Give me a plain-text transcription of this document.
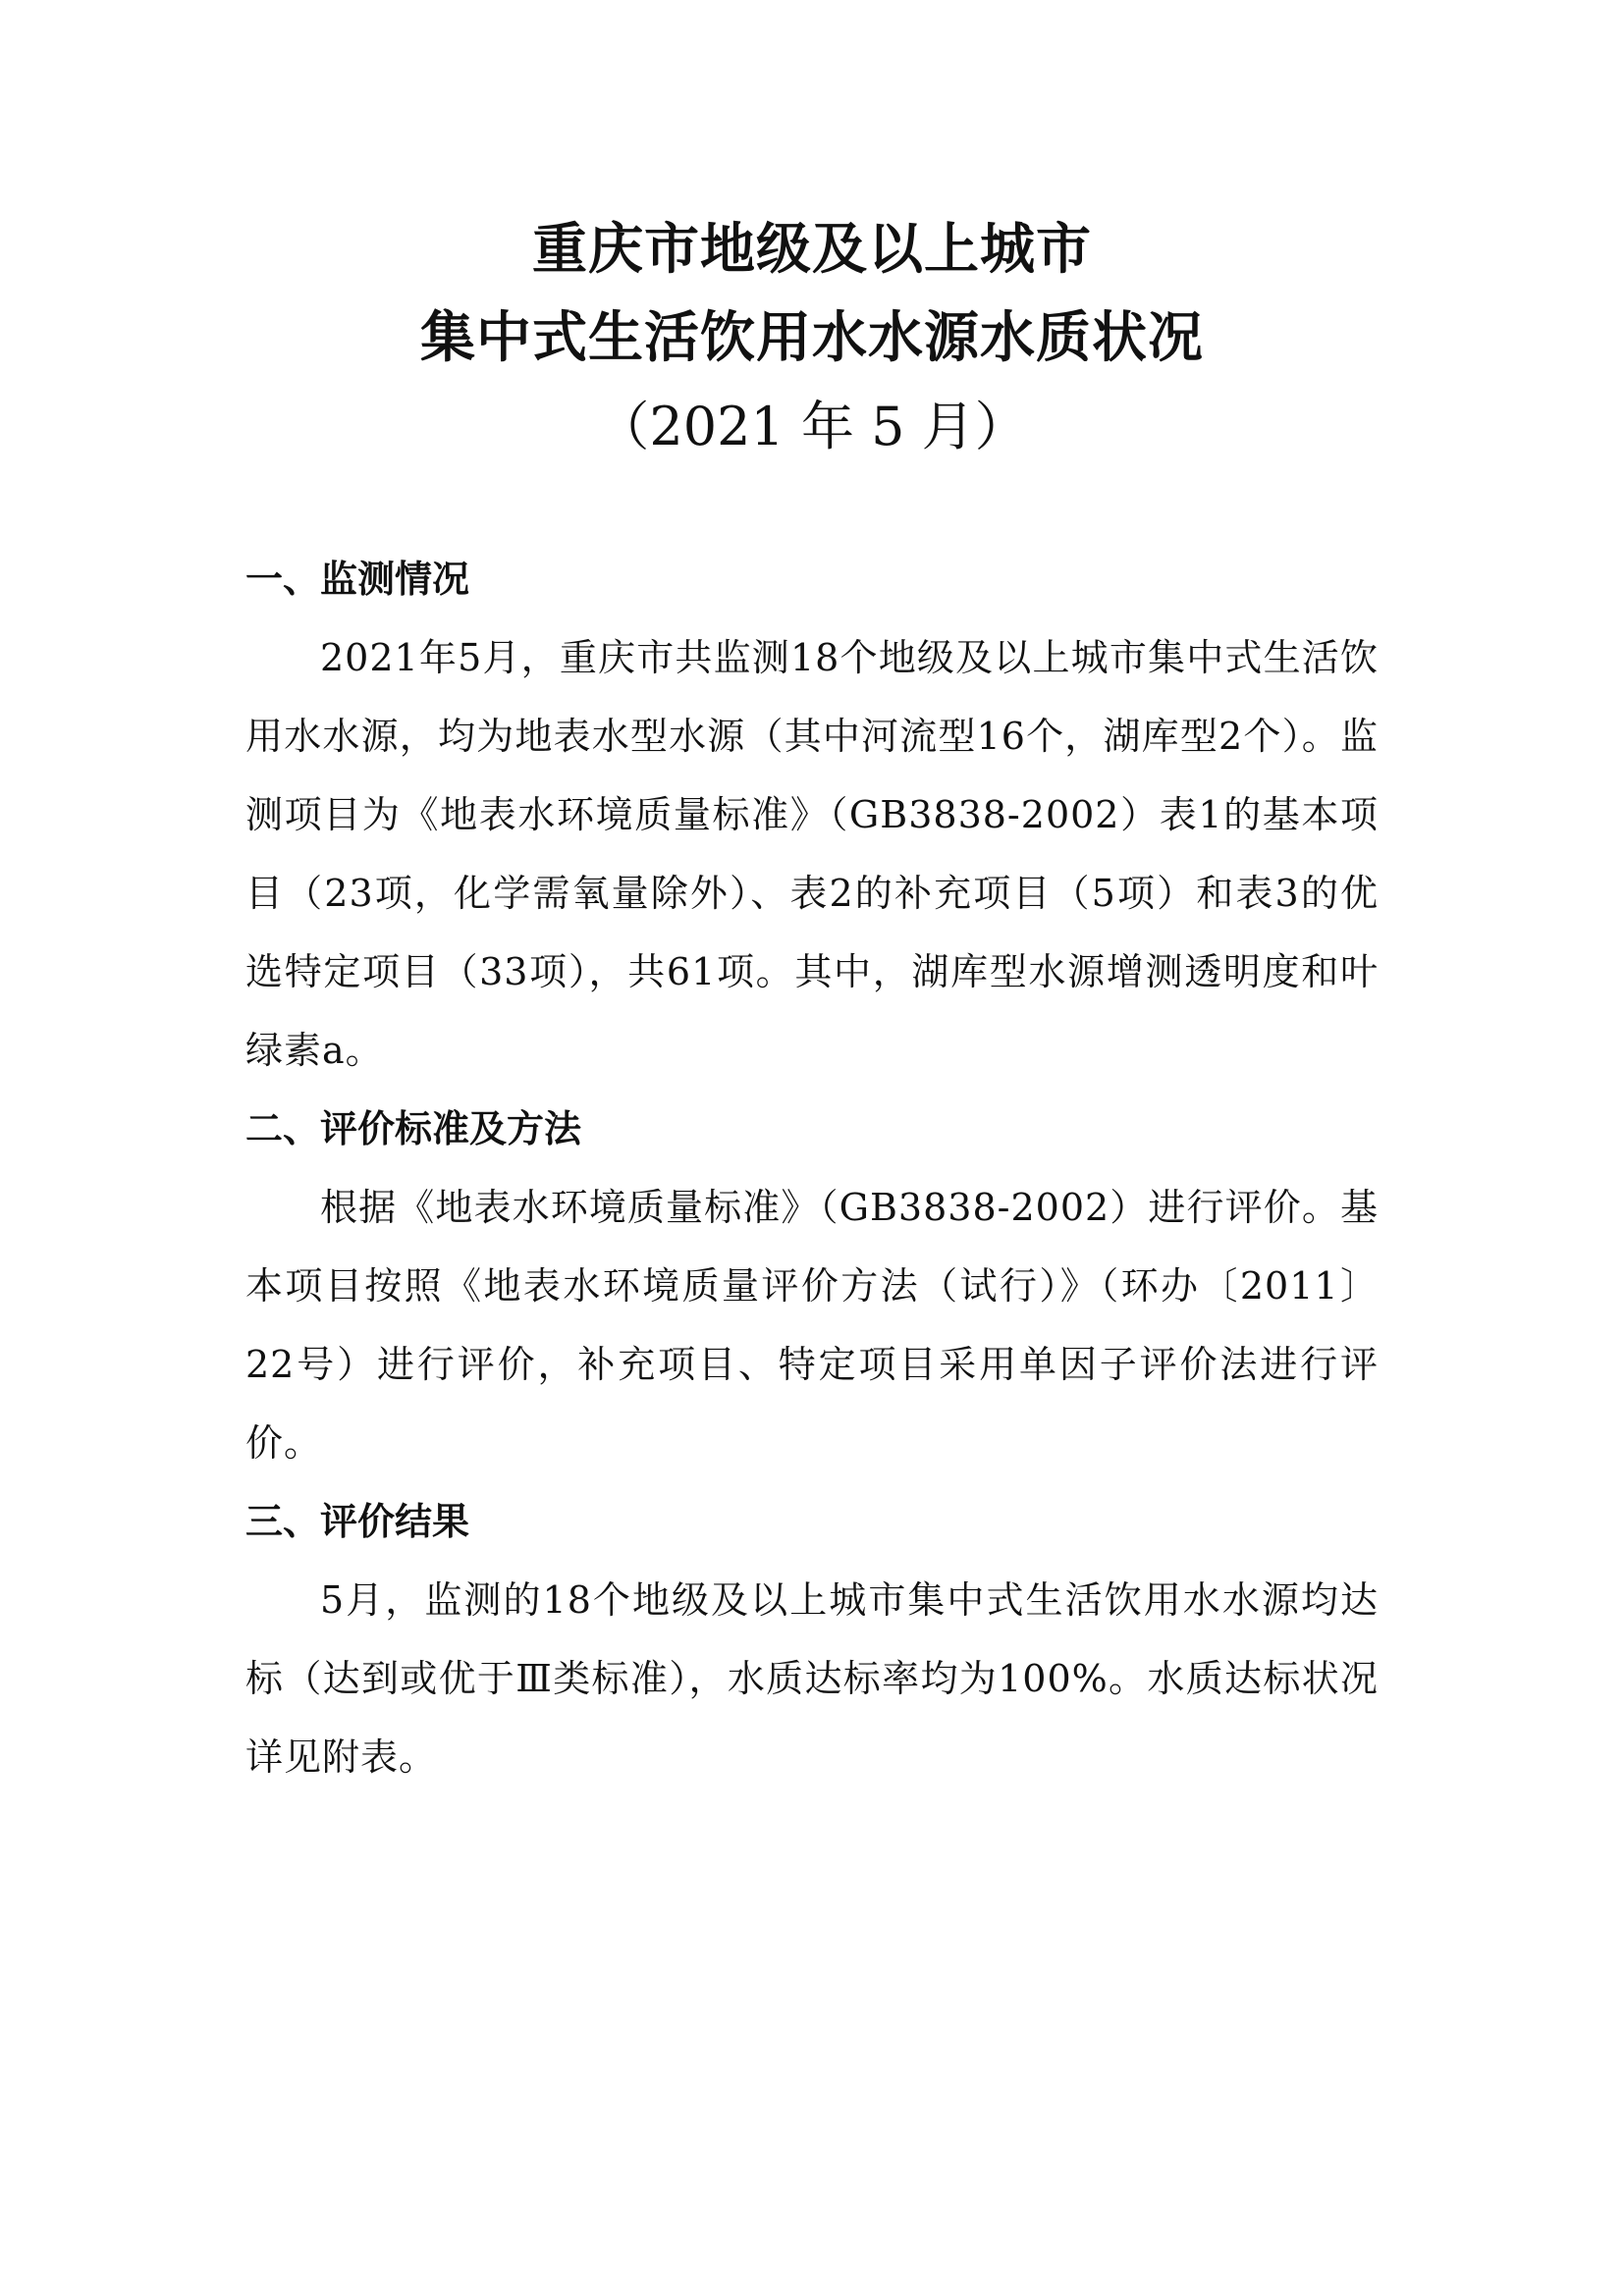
重庆市地级及以上城市
集中式生活饮用水水源水质状况
（2021 年 5 月）

一、监测情况

2021年5月，重庆市共监测18个地级及以上城市集中式生活饮用水水源，均为地表水型水源（其中河流型16个，湖库型2个）。监测项目为《地表水环境质量标准》（GB3838-2002）表1的基本项目（23项，化学需氧量除外）、表2的补充项目（5项）和表3的优选特定项目（33项），共61项。其中，湖库型水源增测透明度和叶绿素a。

二、评价标准及方法

根据《地表水环境质量标准》（GB3838-2002）进行评价。基本项目按照《地表水环境质量评价方法（试行）》（环办〔2011〕22号）进行评价，补充项目、特定项目采用单因子评价法进行评价。

三、评价结果

5月，监测的18个地级及以上城市集中式生活饮用水水源均达标（达到或优于Ⅲ类标准），水质达标率均为100%。水质达标状况详见附表。
